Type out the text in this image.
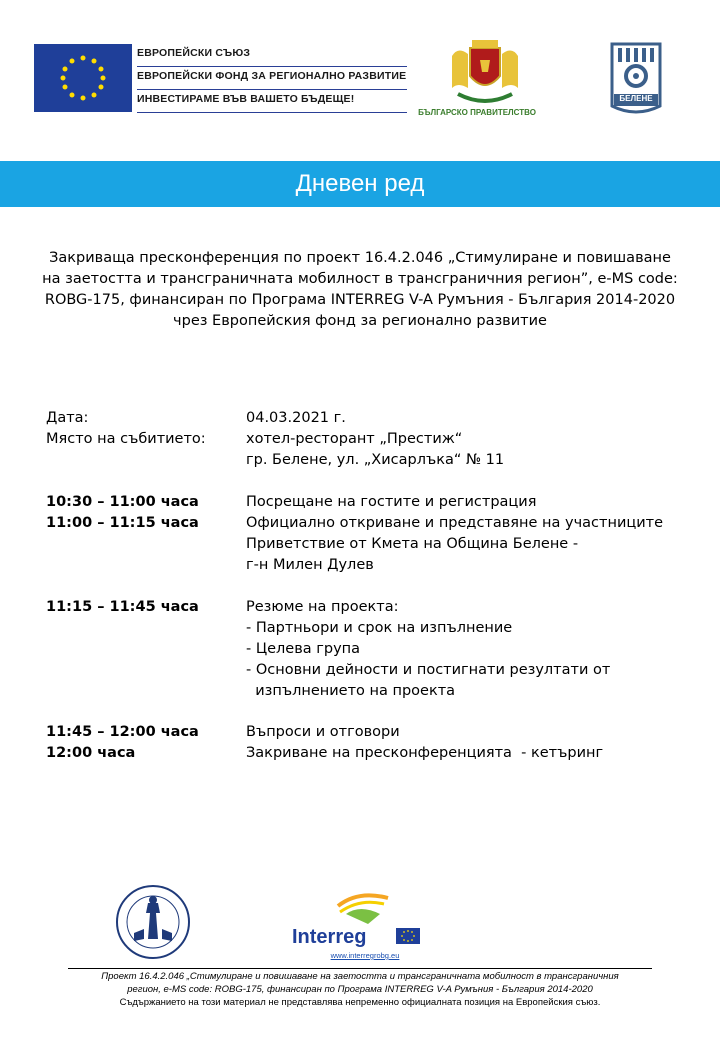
ЕВРОПЕЙСКИ СЪЮЗ
ЕВРОПЕЙСКИ ФОНД ЗА РЕГИОНАЛНО РАЗВИТИЕ
ИНВЕСТИРАМЕ ВЪВ ВАШЕТО БЪДЕЩЕ!
БЪЛГАРСКО ПРАВИТЕЛСТВО
БЕЛЕНЕ
Дневен ред
Закриваща пресконференция по проект 16.4.2.046 „Стимулиране и повишаване на заетостта и трансграничната мобилност в трансграничния регион”, e-MS code: ROBG-175, финансиран по Програма INTERREG V-A Румъния - България 2014-2020 чрез Европейския фонд за регионално развитие
Дата:	04.03.2021 г.
Място на събитието:	хотел-ресторант „Престиж“
гр. Белене, ул. „Хисарлъка“ № 11
10:30 – 11:00 часа	Посрещане на гостите и регистрация
11:00 – 11:15 часа	Официално откриване и представяне на участниците
Приветствие от Кмета на Община Белене -
г-н Милен Дулев
11:15 – 11:45 часа	Резюме на проекта:
- Партньори и срок на изпълнение
- Целева група
- Основни дейности и постигнати резултати от
изпълнението на проекта
11:45 – 12:00 часа	Въпроси и отговори
12:00 часа	Закриване на пресконференцията  - кетъринг
Interreg
www.interregrobg.eu
Проект 16.4.2.046 „Стимулиране и повишаване на заетостта и трансграничната мобилност в трансграничния
регион, e-MS code: ROBG-175, финансиран по Програма INTERREG V-A Румъния - България 2014-2020
Съдържанието на този материал не представлява непременно официалната позиция на Европейския съюз.
